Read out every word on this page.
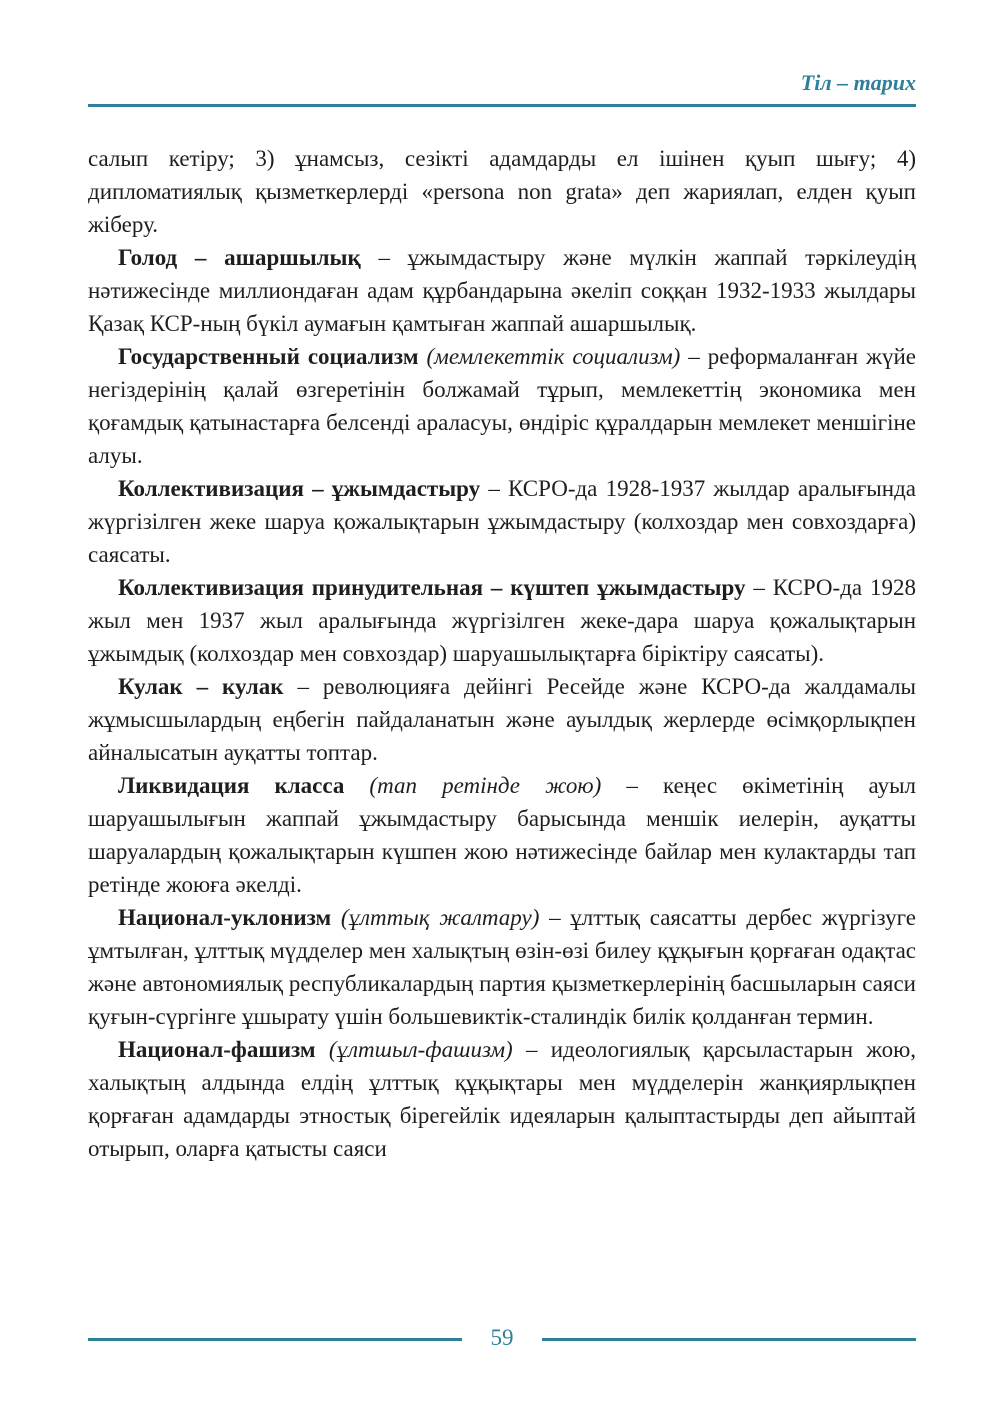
Тіл – тарих

салып кетіру; 3) ұнамсыз, сезікті адамдарды ел ішінен қуып шығу; 4) дипломатиялық қызметкерлерді «persona non grata» деп жариялап, елден қуып жіберу.

Голод – ашаршылық – ұжымдастыру және мүлкін жаппай тәркілеудің нәтижесінде миллиондаған адам құрбандарына әкеліп соққан 1932-1933 жылдары Қазақ КСР-ның бүкіл аумағын қамтыған жаппай ашаршылық.

Государственный социализм (мемлекеттік социализм) – реформаланған жүйе негіздерінің қалай өзгеретінін болжамай тұрып, мемлекеттің экономика мен қоғамдық қатынастарға белсенді араласуы, өндіріс құралдарын мемлекет меншігіне алуы.

Коллективизация – ұжымдастыру – КСРО-да 1928-1937 жылдар аралығында жүргізілген жеке шаруа қожалықтарын ұжымдастыру (колхоздар мен совхоздарға) саясаты.

Коллективизация принудительная – күштеп ұжымдастыру – КСРО-да 1928 жыл мен 1937 жыл аралығында жүргізілген жеке-дара шаруа қожалықтарын ұжымдық (колхоздар мен совхоздар) шаруашылықтарға біріктіру саясаты).

Кулак – кулак – революцияға дейінгі Ресейде және КСРО-да жалдамалы жұмысшылардың еңбегін пайдаланатын және ауылдық жерлерде өсімқорлықпен айналысатын ауқатты топтар.

Ликвидация класса (тап ретінде жою) – кеңес өкіметінің ауыл шаруашылығын жаппай ұжымдастыру барысында меншік иелерін, ауқатты шаруалардың қожалықтарын күшпен жою нәтижесінде байлар мен кулактарды тап ретінде жоюға әкелді.

Национал-уклонизм (ұлттық жалтару) – ұлттық саясатты дербес жүргізуге ұмтылған, ұлттық мүдделер мен халықтың өзін-өзі билеу құқығын қорғаған одақтас және автономиялық республикалардың партия қызметкерлерінің басшыларын саяси қуғын-сүргінге ұшырату үшін большевиктік-сталиндік билік қолданған термин.

Национал-фашизм (ұлтшыл-фашизм) – идеологиялық қарсыластарын жою, халықтың алдында елдің ұлттық құқықтары мен мүдделерін жанқиярлықпен қорғаған адамдарды этностық бірегейлік идеяларын қалыптастырды деп айыптай отырып, оларға қатысты саяси

59
